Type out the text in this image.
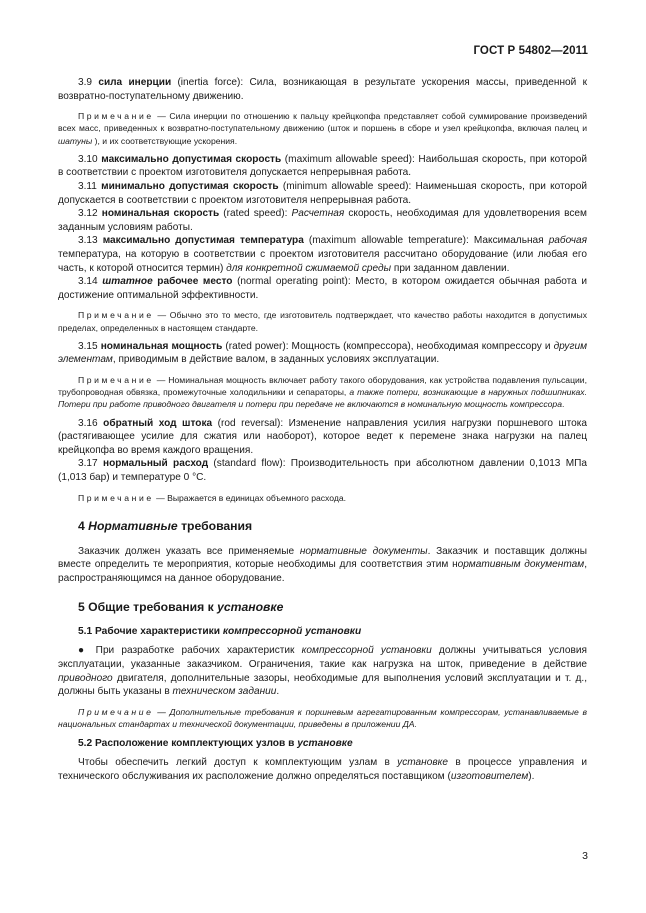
ГОСТ Р 54802—2011

3.9 сила инерции (inertia force): Сила, возникающая в результате ускорения массы, приведенной к возвратно-поступательному движению.

Примечание — Сила инерции по отношению к пальцу крейцкопфа представляет собой суммирование произведений всех масс, приведенных к возвратно-поступательному движению (шток и поршень в сборе и узел крейцкопфа, включая палец и шатуны ), и их соответствующие ускорения.

3.10 максимально допустимая скорость (maximum allowable speed): Наибольшая скорость, при которой в соответствии с проектом изготовителя допускается непрерывная работа.

3.11 минимально допустимая скорость (minimum allowable speed): Наименьшая скорость, при которой допускается в соответствии с проектом изготовителя непрерывная работа.

3.12 номинальная скорость (rated speed): Расчетная скорость, необходимая для удовлетворения всем заданным условиям работы.

3.13 максимально допустимая температура (maximum allowable temperature): Максимальная рабочая температура, на которую в соответствии с проектом изготовителя рассчитано оборудование (или любая его часть, к которой относится термин) для конкретной сжимаемой среды при заданном давлении.

3.14 штатное рабочее место (normal operating point): Место, в котором ожидается обычная работа и достижение оптимальной эффективности.

Примечание — Обычно это то место, где изготовитель подтверждает, что качество работы находится в допустимых пределах, определенных в настоящем стандарте.

3.15 номинальная мощность (rated power): Мощность (компрессора), необходимая компрессору и другим элементам, приводимым в действие валом, в заданных условиях эксплуатации.

Примечание — Номинальная мощность включает работу такого оборудования, как устройства подавления пульсации, трубопроводная обвязка, промежуточные холодильники и сепараторы, а также потери, возникающие в наружных подшипниках. Потери при работе приводного двигателя и потери при передаче не включаются в номинальную мощность компрессора.

3.16 обратный ход штока (rod reversal): Изменение направления усилия нагрузки поршневого штока (растягивающее усилие для сжатия или наоборот), которое ведет к перемене знака нагрузки на палец крейцкопфа во время каждого вращения.

3.17 нормальный расход (standard flow): Производительность при абсолютном давлении 0,1013 МПа (1,013 бар) и температуре 0 °С.

Примечание — Выражается в единицах объемного расхода.

4 Нормативные требования

Заказчик должен указать все применяемые нормативные документы. Заказчик и поставщик должны вместе определить те мероприятия, которые необходимы для соответствия этим нормативным документам, распространяющимся на данное оборудование.

5 Общие требования к установке

5.1 Рабочие характеристики компрессорной установки

● При разработке рабочих характеристик компрессорной установки должны учитываться условия эксплуатации, указанные заказчиком. Ограничения, такие как нагрузка на шток, приведение в действие приводного двигателя, дополнительные зазоры, необходимые для выполнения условий эксплуатации и т. д., должны быть указаны в техническом задании.

Примечание — Дополнительные требования к поршневым агрегатированным компрессорам, устанавливаемые в национальных стандартах и технической документации, приведены в приложении ДА.

5.2 Расположение комплектующих узлов в установке

Чтобы обеспечить легкий доступ к комплектующим узлам в установке в процессе управления и технического обслуживания их расположение должно определяться поставщиком (изготовителем).

3
